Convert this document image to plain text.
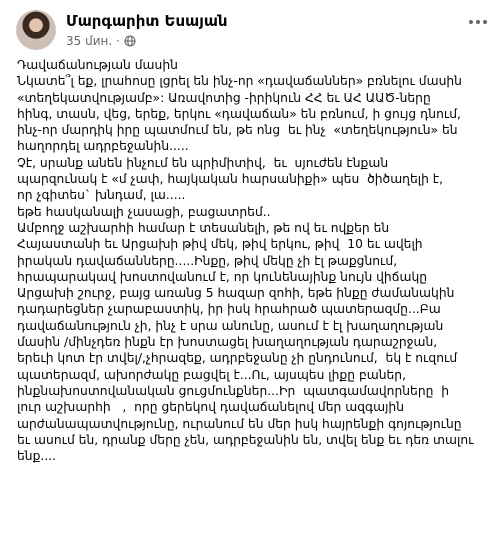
Մարգարիտ Եսայան
35 մин. ·
Դավաճանության մասին
Նկատե՞լ եք, լրահոսը լցրել են ինչ-որ «դավաճաններ» բռնելու մասին
«տեղեկատվությամբ»: Առավոտից -իրիկուն ՀՀ եւ ԱՀ ԱԱԾ-ները
հինգ, տասն, վեց, երեք, երկու «դավաճան» են բռնում, ի ցույց դնում,
ինչ-որ մարդիկ իրը պատմում են, թե ոնց  եւ ինչ  «տեղեկություն» են
հաղորդել ադրբեջանին.....
Չէ, սրանք անեն ինչում են պրիմիտիվ,  եւ  սյուժեն էնքան
պարզունակ է «մ չափ, հայկական հարսանիքի» պես  ծիծաղելի է,
որ չգիտես` խնդամ, լա.....
եթե հասկանալի չասացի, բացատրեմ..
Ամբողջ աշխարհի համար է տեսանելի, թե ով եւ ովքեր են
Հայաստանի եւ Արցախի թիվ մեկ, թիվ երկու, թիվ  10 եւ ավելի
իրական դավաճանները.....Ինքը, թիվ մեկը չի էլ թաքցնում,
հրապարակավ խոստովանում է, որ կունենայինք նույն վիճակը
Արցախի շուրջ, բայց առանց 5 հազար զոհի, եթե ինքը ժամանակին
դադարեցներ չարաբաստիկ, իր իսկ հրահրած պատերազմը...Բա
դավաճանություն չի, ինչ է սրա անունը, ասում է էլ խաղաղության
մասին /մինչդեռ ինքն էր խոստացել խաղաղության դարաշրջան,
երեւի կոտ էր տվել/,չհրազեք, ադրբեջանը չի ընդունում,  եկ է ուզում
պատերազմ, ախորժակը բացվել է...Ու, այսպես լիքը բաներ,
ինքնախոստովանական ցուցմունքներ...Իր  պատգամավորները  ի
լուր աշխարհի   ,  որը ցերեկով դավաճանելով մեր ազգային
արժանապատվությունը, ուրանում են մեր իսկ հայրենքի գոյությունը
եւ ասում են, դրանք մերը չեն, ադրբեջանին են, տվել ենք եւ դեռ տալու
ենք....
